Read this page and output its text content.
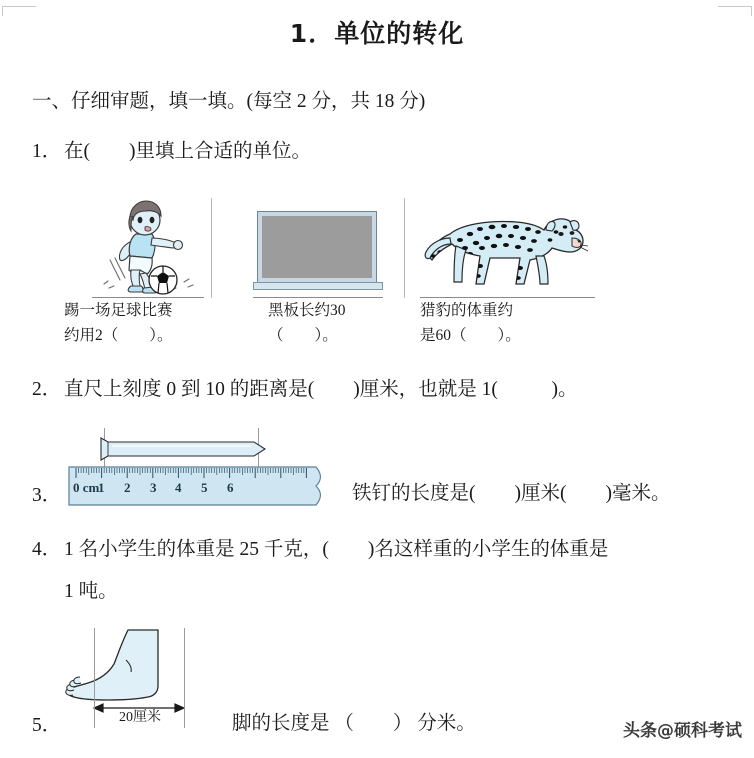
1．单位的转化
一、仔细审题，填一填。(每空 2 分，共 18 分)
1． 在(        )里填上合适的单位。
踢一场足球比赛
约用2（        ）。
黑板长约30
（        ）。
猎豹的体重约
是60（        ）。
2． 直尺上刻度 0 到 10 的距离是(        )厘米，也就是 1(           )。
0 cm
1 2 3 4 5 6
3．	铁钉的长度是(        )厘米(        )毫米。
4． 1 名小学生的体重是 25 千克，(        )名这样重的小学生的体重是
1 吨。
20厘米
5．	脚的长度是 （        ） 分米。	头条@硕科考试
